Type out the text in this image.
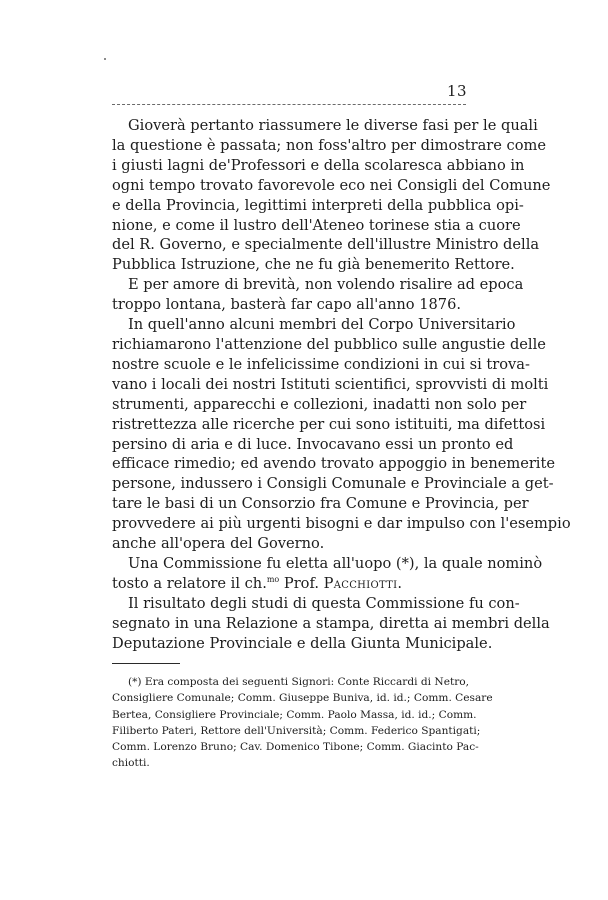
13

Gioverà pertanto riassumere le diverse fasi per le quali
la questione è passata; non foss'altro per dimostrare come
i giusti lagni de'Professori e della scolaresca abbiano in
ogni tempo trovato favorevole eco nei Consigli del Comune
e della Provincia, legittimi interpreti della pubblica opi-
nione, e come il lustro dell'Ateneo torinese stia a cuore
del R. Governo, e specialmente dell'illustre Ministro della
Pubblica Istruzione, che ne fu già benemerito Rettore.

E per amore di brevità, non volendo risalire ad epoca
troppo lontana, basterà far capo all'anno 1876.

In quell'anno alcuni membri del Corpo Universitario
richiamarono l'attenzione del pubblico sulle angustie delle
nostre scuole e le infelicissime condizioni in cui si trova-
vano i locali dei nostri Istituti scientifici, sprovvisti di molti
strumenti, apparecchi e collezioni, inadatti non solo per
ristrettezza alle ricerche per cui sono istituiti, ma difettosi
persino di aria e di luce. Invocavano essi un pronto ed
efficace rimedio; ed avendo trovato appoggio in benemerite
persone, indussero i Consigli Comunale e Provinciale a get-
tare le basi di un Consorzio fra Comune e Provincia, per
provvedere ai più urgenti bisogni e dar impulso con l'esempio
anche all'opera del Governo.

Una Commissione fu eletta all'uopo (*), la quale nominò
tosto a relatore il ch.$^{mo}$ Prof. Pacchiotti.

Il risultato degli studi di questa Commissione fu con-
segnato in una Relazione a stampa, diretta ai membri della
Deputazione Provinciale e della Giunta Municipale.

(*) Era composta dei seguenti Signori: Conte Riccardi di Netro,
Consigliere Comunale; Comm. Giuseppe Buniva, id. id.; Comm. Cesare
Bertea, Consigliere Provinciale; Comm. Paolo Massa, id. id.; Comm.
Filiberto Pateri, Rettore dell'Università; Comm. Federico Spantigati;
Comm. Lorenzo Bruno; Cav. Domenico Tibone; Comm. Giacinto Pac-
chiotti.
